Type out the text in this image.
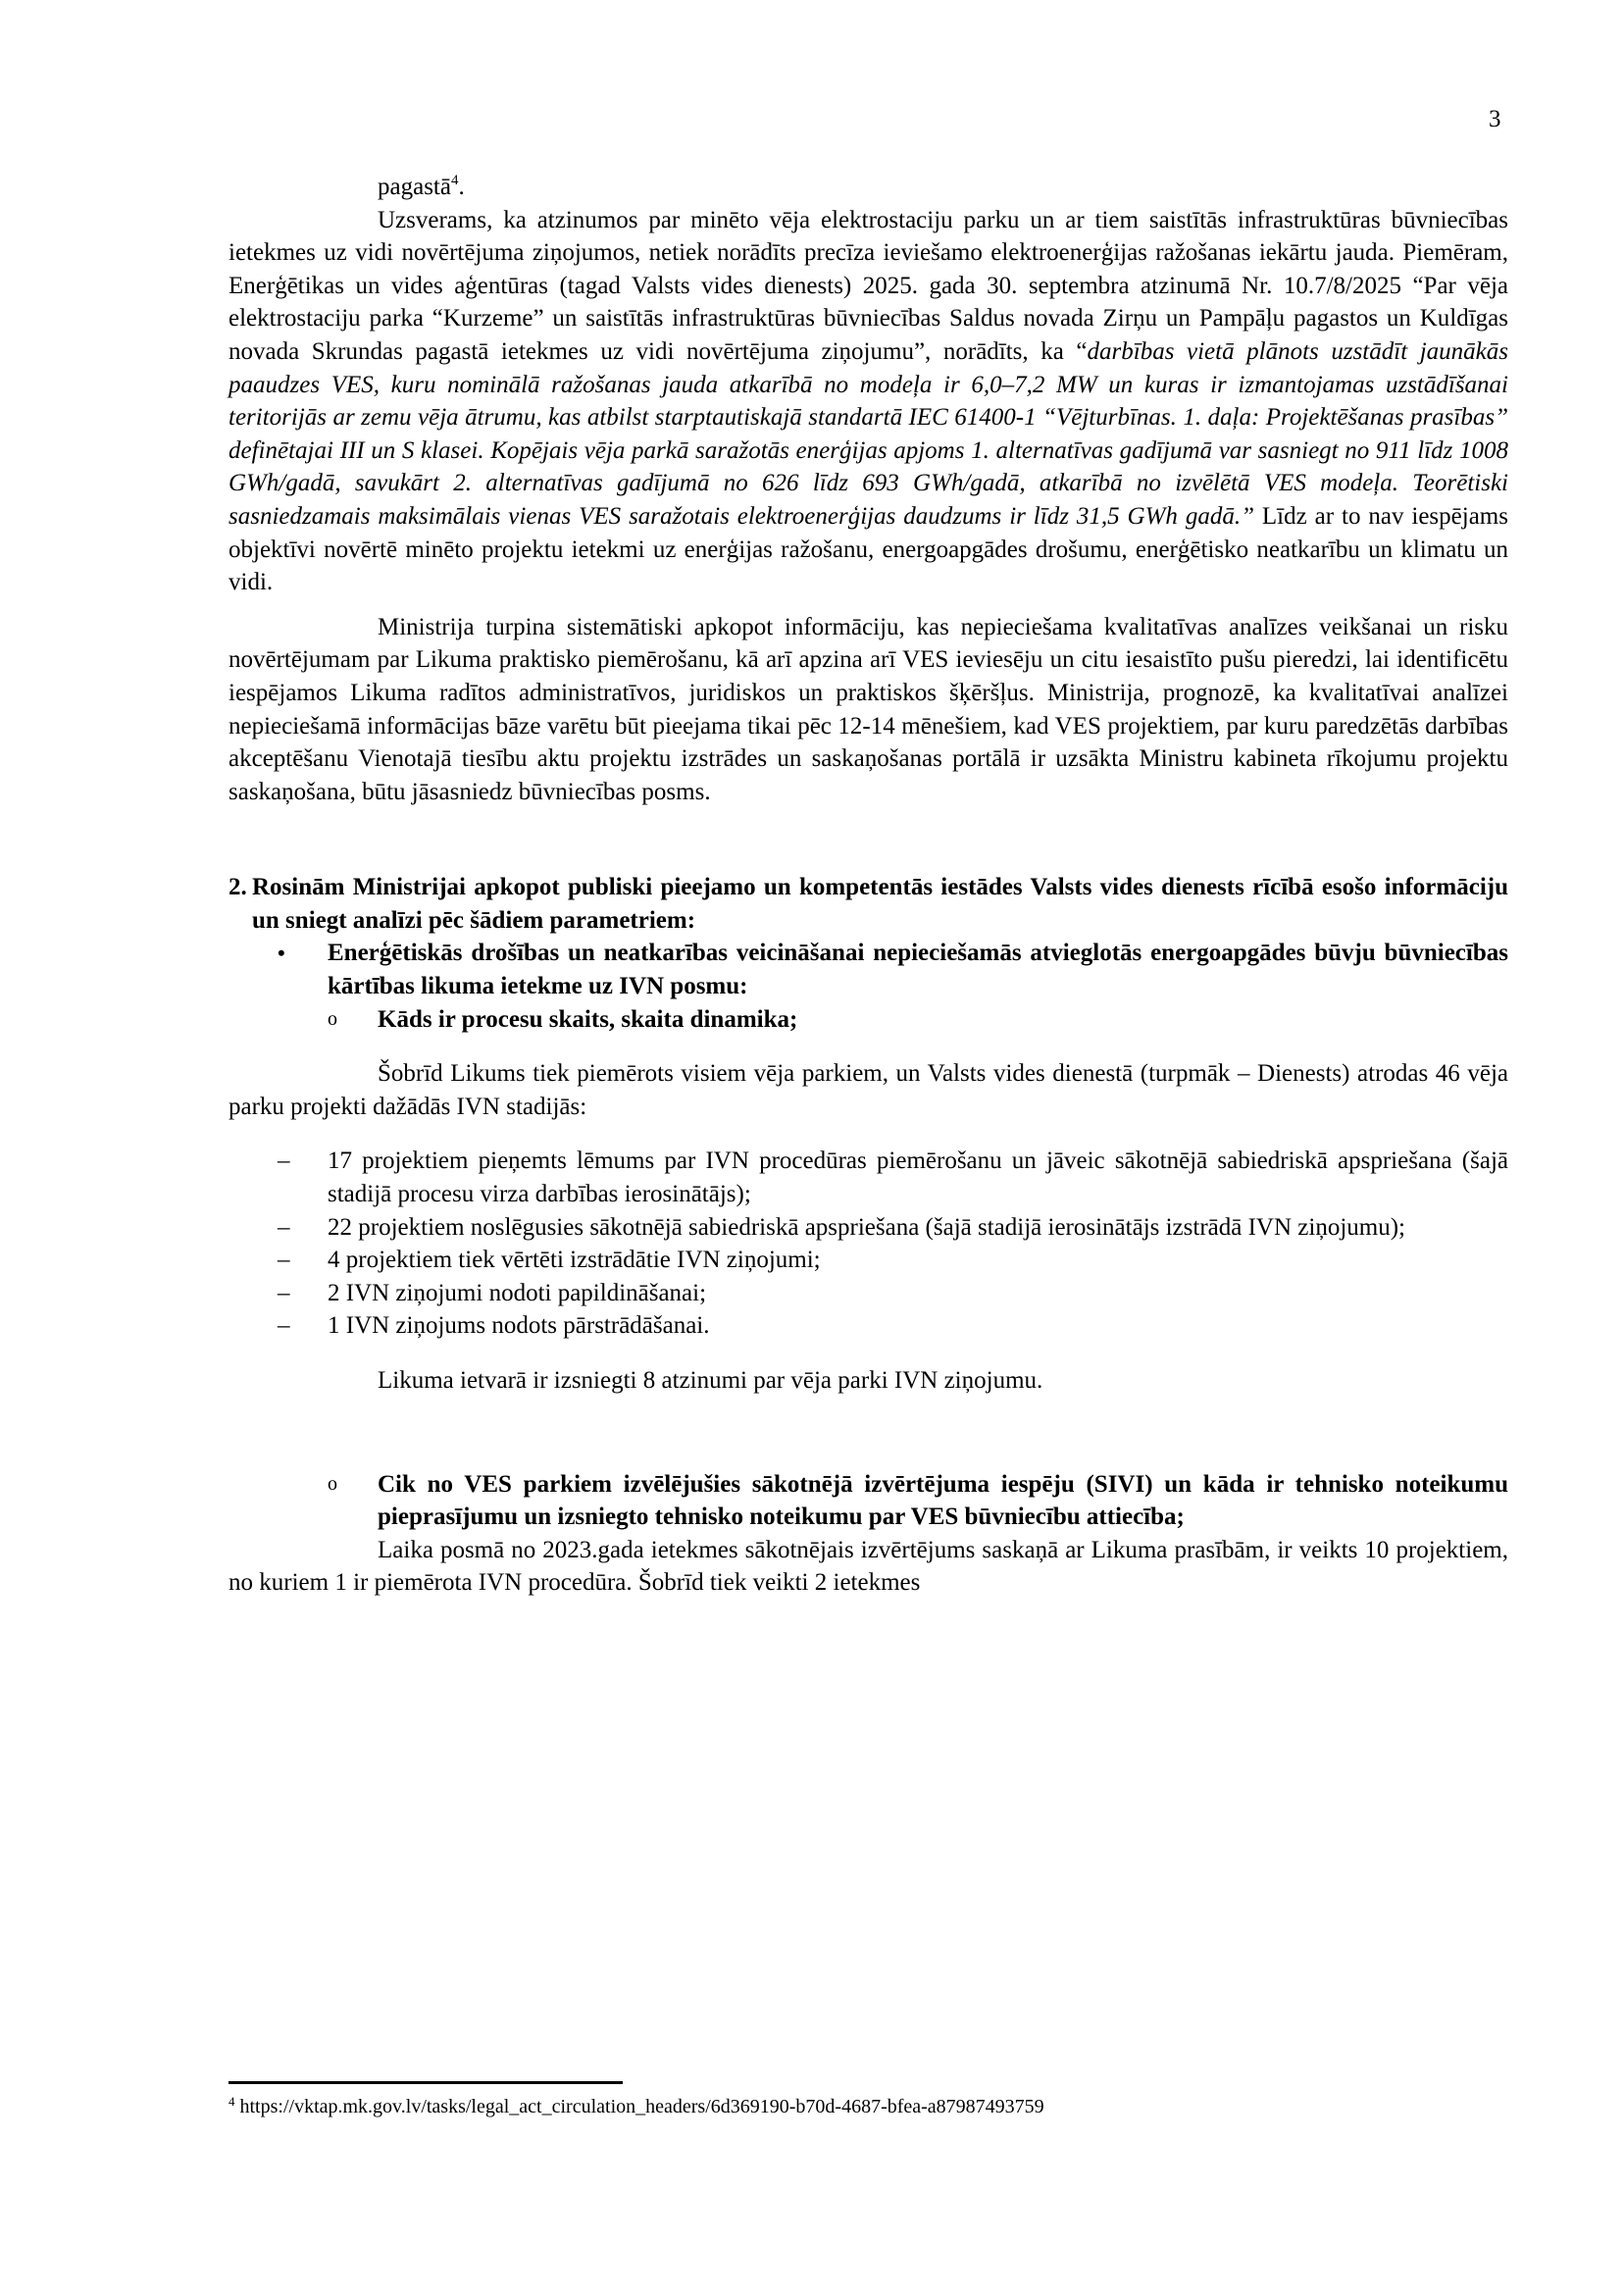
3

pagastā$^4$.

Uzsverams, ka atzinumos par minēto vēja elektrostaciju parku un ar tiem saistītās infrastruktūras būvniecības ietekmes uz vidi novērtējuma ziņojumos, netiek norādīts precīza ieviešamo elektroenerģijas ražošanas iekārtu jauda. Piemēram, Enerģētikas un vides aģentūras (tagad Valsts vides dienests) 2025. gada 30. septembra atzinumā Nr. 10.7/8/2025 “Par vēja elektrostaciju parka “Kurzeme” un saistītās infrastruktūras būvniecības Saldus novada Zirņu un Pampāļu pagastos un Kuldīgas novada Skrundas pagastā ietekmes uz vidi novērtējuma ziņojumu”, norādīts, ka “darbības vietā plānots uzstādīt jaunākās paaudzes VES, kuru nominālā ražošanas jauda atkarībā no modeļa ir 6,0–7,2 MW un kuras ir izmantojamas uzstādīšanai teritorijās ar zemu vēja ātrumu, kas atbilst starptautiskajā standartā IEC 61400-1 “Vējturbīnas. 1. daļa: Projektēšanas prasības” definētajai III un S klasei. Kopējais vēja parkā saražotās enerģijas apjoms 1. alternatīvas gadījumā var sasniegt no 911 līdz 1008 GWh/gadā, savukārt 2. alternatīvas gadījumā no 626 līdz 693 GWh/gadā, atkarībā no izvēlētā VES modeļa. Teorētiski sasniedzamais maksimālais vienas VES saražotais elektroenerģijas daudzums ir līdz 31,5 GWh gadā.” Līdz ar to nav iespējams objektīvi novērtē minēto projektu ietekmi uz enerģijas ražošanu, energoapgādes drošumu, enerģētisko neatkarību un klimatu un vidi.

Ministrija turpina sistemātiski apkopot informāciju, kas nepieciešama kvalitatīvas analīzes veikšanai un risku novērtējumam par Likuma praktisko piemērošanu, kā arī apzina arī VES ieviesēju un citu iesaistīto pušu pieredzi, lai identificētu iespējamos Likuma radītos administratīvos, juridiskos un praktiskos šķēršļus. Ministrija, prognozē, ka kvalitatīvai analīzei nepieciešamā informācijas bāze varētu būt pieejama tikai pēc 12-14 mēnešiem, kad VES projektiem, par kuru paredzētās darbības akceptēšanu Vienotajā tiesību aktu projektu izstrādes un saskaņošanas portālā ir uzsākta Ministru kabineta rīkojumu projektu saskaņošana, būtu jāsasniedz būvniecības posms.

2. Rosinām Ministrijai apkopot publiski pieejamo un kompetentās iestādes Valsts vides dienests rīcībā esošo informāciju un sniegt analīzi pēc šādiem parametriem:
•	Enerģētiskās drošības un neatkarības veicināšanai nepieciešamās atvieglotās energoapgādes būvju būvniecības kārtības likuma ietekme uz IVN posmu:
o	Kāds ir procesu skaits, skaita dinamika;

Šobrīd Likums tiek piemērots visiem vēja parkiem, un Valsts vides dienestā (turpmāk – Dienests) atrodas 46 vēja parku projekti dažādās IVN stadijās:

–	17 projektiem pieņemts lēmums par IVN procedūras piemērošanu un jāveic sākotnējā sabiedriskā apspriešana (šajā stadijā procesu virza darbības ierosinātājs);
–	22 projektiem noslēgusies sākotnējā sabiedriskā apspriešana (šajā stadijā ierosinātājs izstrādā IVN ziņojumu);
–	4 projektiem tiek vērtēti izstrādātie IVN ziņojumi;
–	2 IVN ziņojumi nodoti papildināšanai;
–	1 IVN ziņojums nodots pārstrādāšanai.

Likuma ietvarā ir izsniegti 8 atzinumi par vēja parki IVN ziņojumu.

o	Cik no VES parkiem izvēlējušies sākotnējā izvērtējuma iespēju (SIVI) un kāda ir tehnisko noteikumu pieprasījumu un izsniegto tehnisko noteikumu par VES būvniecību attiecība;

Laika posmā no 2023.gada ietekmes sākotnējais izvērtējums saskaņā ar Likuma prasībām, ir veikts 10 projektiem, no kuriem 1 ir piemērota IVN procedūra. Šobrīd tiek veikti 2 ietekmes

$^4$ https://vktap.mk.gov.lv/tasks/legal_act_circulation_headers/6d369190-b70d-4687-bfea-a87987493759
